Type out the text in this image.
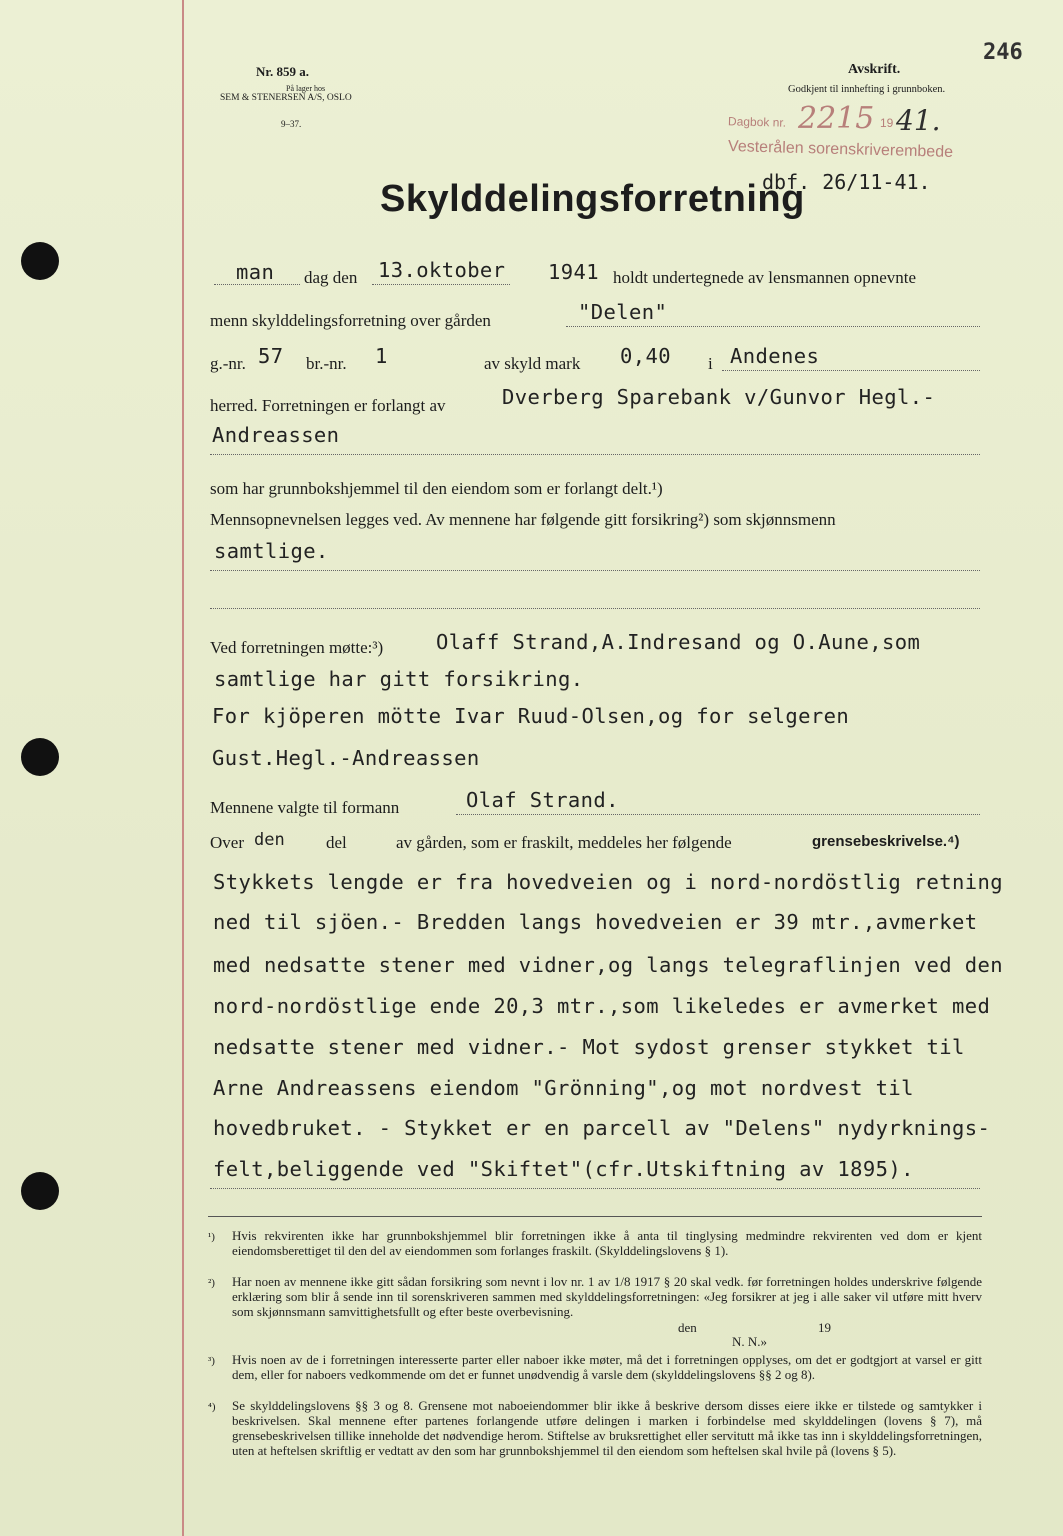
Nr. 859 a.
På lager hos
SEM & STENERSEN A/S, OSLO
9–37.
Avskrift.
Godkjent til innhefting i grunnboken.
246
Dagbok nr. 2215 19 41.
Vesterålen sorenskriverembede
dbf. 26/11-41.
Skylddelingsforretning
man dag den 13.oktober 1941 holdt undertegnede av lensmannen opnevnte
menn skylddelingsforretning over gården	"Delen"
g.-nr. 57 br.-nr. 1	av skyld mark 0,40 i Andenes
herred. Forretningen er forlangt av	Dverberg Sparebank v/Gunvor Hegl.-
Andreassen
som har grunnbokshjemmel til den eiendom som er forlangt delt.¹)
Mennsopnevnelsen legges ved. Av mennene har følgende gitt forsikring²) som skjønnsmenn
samtlige.
Ved forretningen møtte:³)	Olaff Strand,A.Indresand og O.Aune,som
samtlige har gitt forsikring.
For kjöperen mötte Ivar Ruud-Olsen,og for selgeren
Gust.Hegl.-Andreassen
Mennene valgte til formann	Olaf Strand.
Over den del	av gården, som er fraskilt, meddeles her følgende	grensebeskrivelse.⁴)
Stykkets lengde er fra hovedveien og i nord-nordöstlig retning
ned til sjöen.- Bredden langs hovedveien er 39 mtr.,avmerket
med nedsatte stener med vidner,og langs telegraflinjen ved den
nord-nordöstlige ende 20,3 mtr.,som likeledes er avmerket med
nedsatte stener med vidner.- Mot sydost grenser stykket til
Arne Andreassens eiendom "Grönning",og mot nordvest til
hovedbruket. - Stykket er en parcell av "Delens" nydyrknings-
felt,beliggende ved "Skiftet"(cfr.Utskiftning av 1895).
¹) Hvis rekvirenten ikke har grunnbokshjemmel blir forretningen ikke å anta til tinglysing medmindre rekvirenten ved dom er kjent eiendomsberettiget til den del av eiendommen som forlanges fraskilt. (Skylddelingslovens § 1).
²) Har noen av mennene ikke gitt sådan forsikring som nevnt i lov nr. 1 av 1/8 1917 § 20 skal vedk. før forretningen holdes underskrive følgende erklæring som blir å sende inn til sorenskriveren sammen med skylddelingsforretningen: «Jeg forsikrer at jeg i alle saker vil utføre mitt hverv som skjønnsmann samvittighetsfullt og efter beste overbevisning.
den	19
N. N.»
³) Hvis noen av de i forretningen interesserte parter eller naboer ikke møter, må det i forretningen opplyses, om det er godtgjort at varsel er gitt dem, eller for naboers vedkommende om det er funnet unødvendig å varsle dem (skylddelingslovens §§ 2 og 8).
⁴) Se skylddelingslovens §§ 3 og 8. Grensene mot naboeiendommer blir ikke å beskrive dersom disses eiere ikke er tilstede og samtykker i beskrivelsen. Skal mennene efter partenes forlangende utføre delingen i marken i forbindelse med skylddelingen (lovens § 7), må grensebeskrivelsen tillike inneholde det nødvendige herom. Stiftelse av bruksrettighet eller servitutt må ikke tas inn i skylddelingsforretningen, uten at heftelsen skriftlig er vedtatt av den som har grunnbokshjemmel til den eiendom som heftelsen skal hvile på (lovens § 5).
